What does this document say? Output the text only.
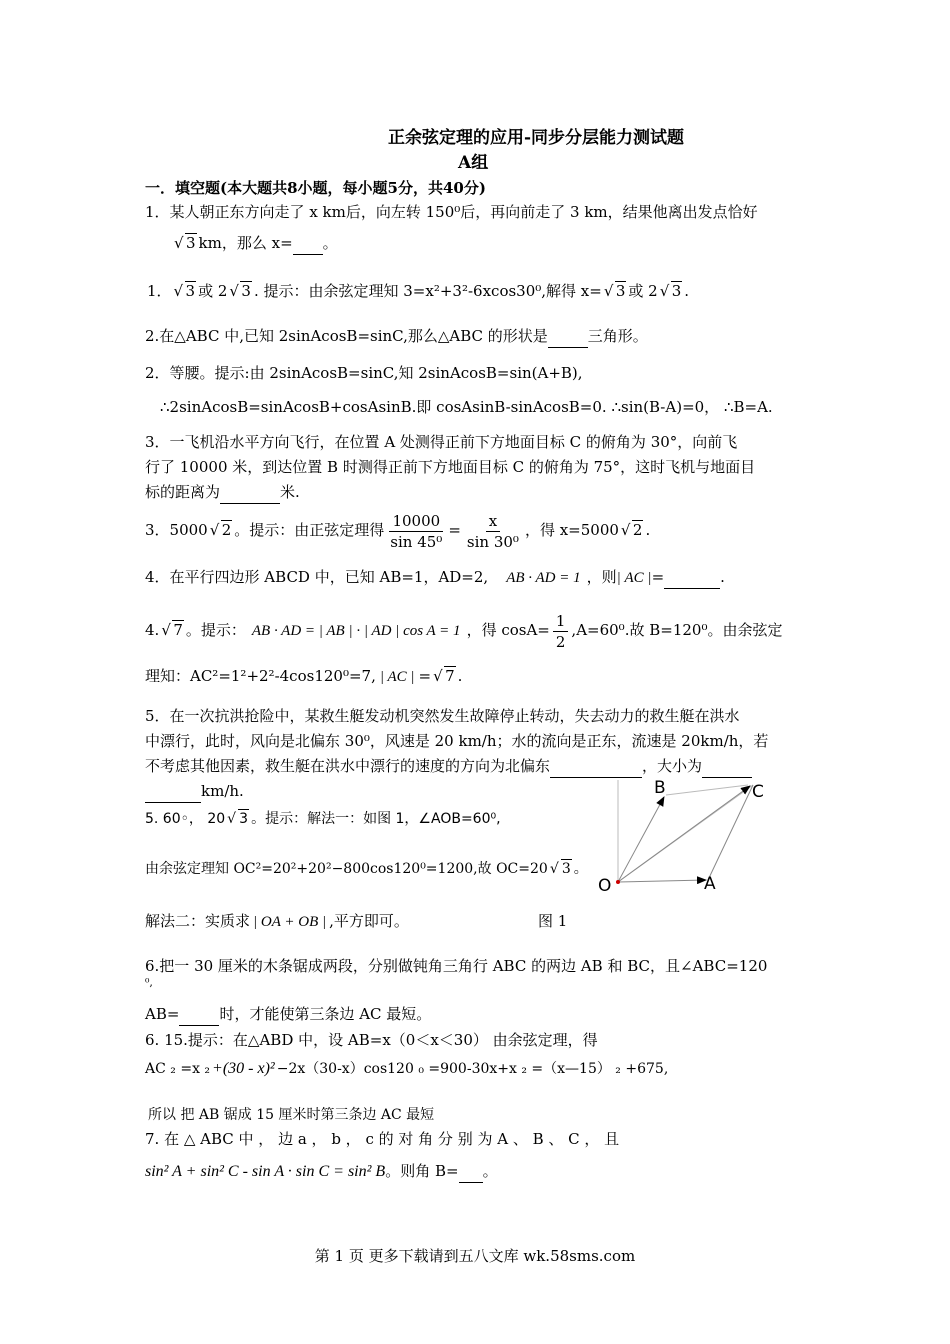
正余弦定理的应用-同步分层能力测试题
A组
一．填空题(本大题共8小题，每小题5分，共40分)
1．某人朝正东方向走了 x km后，向左转 150⁰后，再向前走了 3 km，结果他离出发点恰好
√ 3 km，那么 x= 。
1． √ 3 或 2 √ 3 . 提示：由余弦定理知 3=x²+3²-6xcos30⁰,解得 x= √ 3 或 2 √ 3 .
2.在△ABC 中,已知 2sinAcosB=sinC,那么△ABC 的形状是	三角形。
2．等腰。提示:由 2sinAcosB=sinC,知 2sinAcosB=sin(A+B),
∴2sinAcosB=sinAcosB+cosAsinB.即 cosAsinB-sinAcosB=0. ∴sin(B-A)=0， ∴B=A.
3．一飞机沿水平方向飞行，在位置 A 处测得正前下方地面目标 C 的俯角为 30°，向前飞
行了 10000 米，到达位置 B 时测得正前下方地面目标 C 的俯角为 75°，这时飞机与地面目
标的距离为	米.
3．5000 √ 2 。提示：由正弦定理得 $\frac{10000}{\text{sin 45⁰}} = \frac{x}{\text{sin 30⁰}}$ ，得 x=5000 √ 2 .
4．在平行四边形 ABCD 中，已知 AB=1，AD=2, AB · AD = 1 ，则| AC |=	.
4. √ 7 。提示： AB · AD = | AB | · | AD | cos A = 1 ，得 $\cos A= \frac{1}{2} ,A=60^0$.故 B=120⁰。由余弦定
理知：AC²=1²+2²-4cos120⁰=7, | AC | = √ 7 .
5．在一次抗洪抢险中，某救生艇发动机突然发生故障停止转动，失去动力的救生艇在洪水
中漂行，此时，风向是北偏东 30⁰，风速是 20 km/h；水的流向是正东，流速是 20km/h，若
不考虑其他因素，救生艇在洪水中漂行的速度的方向为北偏东	，大小为
km/h.
5. 60◦， 20 √ 3 。提示：解法一：如图 1，∠AOB=60⁰,
由余弦定理知 OC²=20²+20²−800cos120⁰=1200,故 OC=20 √ 3 。
解法二：实质求 | OA + OB | ,平方即可。	图 1
B	C
O	A
6.把一 30 厘米的木条锯成两段，分别做钝角三角行 ABC 的两边 AB 和 BC，且∠ABC=120
⁰,
AB=	时，才能使第三条边 AC 最短。
6. 15.提示：在△ABD 中，设 AB=x（0＜x＜30） 由余弦定理，得
AC ₂ =x ₂ +(30 - x)² −2x（30-x）cos120 ₀ =900-30x+x ₂ =（x—15） ₂ +675,
所以 把 AB 锯成 15 厘米时第三条边 AC 最短
7. 在 △ ABC 中 ， 边 a ， b ， c 的 对 角 分 别 为 A 、 B 、 C ， 且
sin² A + sin² C - sin A · sin C = sin² B。则角 B= 。
第 1 页 更多下载请到五八文库 wk.58sms.com
